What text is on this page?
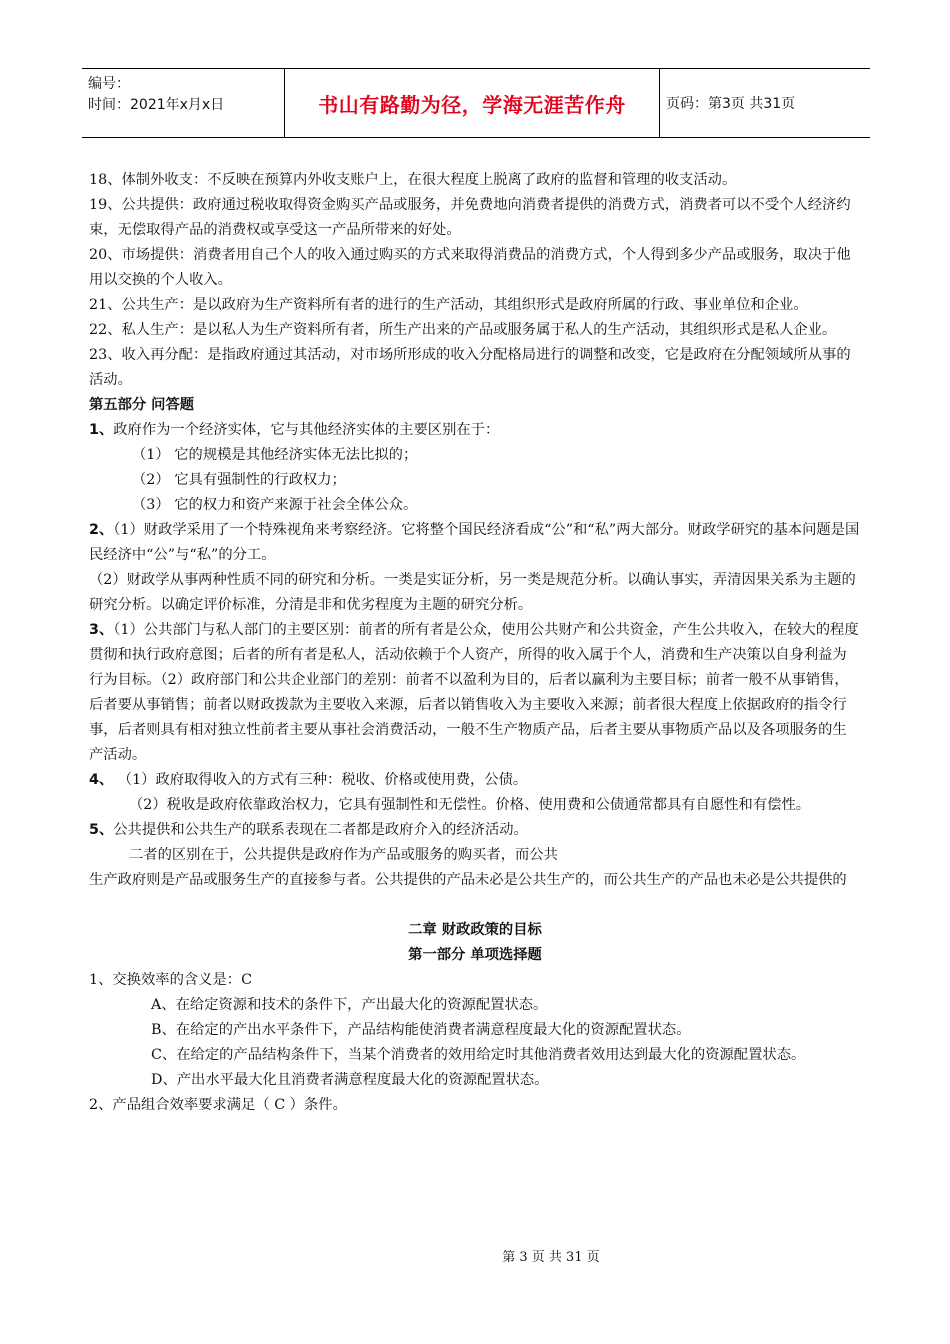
编号：
时间：2021年x月x日	书山有路勤为径，学海无涯苦作舟	页码：第3页 共31页

18、体制外收支：不反映在预算内外收支账户上，在很大程度上脱离了政府的监督和管理的收支活动。

19、公共提供：政府通过税收取得资金购买产品或服务，并免费地向消费者提供的消费方式，消费者可以不受个人经济约束，无偿取得产品的消费权或享受这一产品所带来的好处。

20、市场提供：消费者用自己个人的收入通过购买的方式来取得消费品的消费方式，个人得到多少产品或服务，取决于他用以交换的个人收入。

21、公共生产：是以政府为生产资料所有者的进行的生产活动，其组织形式是政府所属的行政、事业单位和企业。

22、私人生产：是以私人为生产资料所有者，所生产出来的产品或服务属于私人的生产活动，其组织形式是私人企业。

23、收入再分配：是指政府通过其活动，对市场所形成的收入分配格局进行的调整和改变，它是政府在分配领域所从事的活动。

第五部分 问答题

1、政府作为一个经济实体，它与其他经济实体的主要区别在于：

（1） 它的规模是其他经济实体无法比拟的；

（2） 它具有强制性的行政权力；

（3） 它的权力和资产来源于社会全体公众。

2、（1）财政学采用了一个特殊视角来考察经济。它将整个国民经济看成“公”和“私”两大部分。财政学研究的基本问题是国民经济中“公”与“私”的分工。

（2）财政学从事两种性质不同的研究和分析。一类是实证分析，另一类是规范分析。以确认事实，弄清因果关系为主题的研究分析。以确定评价标准，分清是非和优劣程度为主题的研究分析。

3、（1）公共部门与私人部门的主要区别：前者的所有者是公众，使用公共财产和公共资金，产生公共收入，在较大的程度贯彻和执行政府意图；后者的所有者是私人，活动依赖于个人资产，所得的收入属于个人，消费和生产决策以自身利益为行为目标。（2）政府部门和公共企业部门的差别：前者不以盈利为目的，后者以赢利为主要目标；前者一般不从事销售，后者要从事销售；前者以财政拨款为主要收入来源，后者以销售收入为主要收入来源；前者很大程度上依据政府的指令行事，后者则具有相对独立性前者主要从事社会消费活动，一般不生产物质产品，后者主要从事物质产品以及各项服务的生产活动。

4、 （1）政府取得收入的方式有三种：税收、价格或使用费，公债。

（2）税收是政府依靠政治权力，它具有强制性和无偿性。价格、使用费和公债通常都具有自愿性和有偿性。

5、公共提供和公共生产的联系表现在二者都是政府介入的经济活动。

二者的区别在于，公共提供是政府作为产品或服务的购买者，而公共

生产政府则是产品或服务生产的直接参与者。公共提供的产品未必是公共生产的，而公共生产的产品也未必是公共提供的

二章 财政政策的目标

第一部分 单项选择题

1、交换效率的含义是：C

A、在给定资源和技术的条件下，产出最大化的资源配置状态。

B、在给定的产出水平条件下，产品结构能使消费者满意程度最大化的资源配置状态。

C、在给定的产品结构条件下，当某个消费者的效用给定时其他消费者效用达到最大化的资源配置状态。

D、产出水平最大化且消费者满意程度最大化的资源配置状态。

2、产品组合效率要求满足（ C ）条件。

第 3 页 共 31 页
